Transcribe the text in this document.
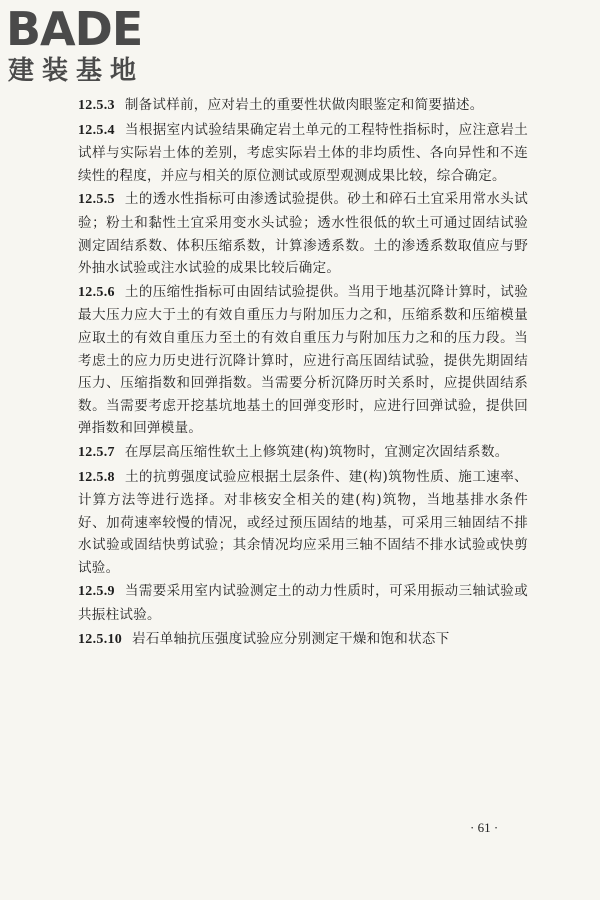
BADE
建装基地

12.5.3 制备试样前，应对岩土的重要性状做肉眼鉴定和简要描述。

12.5.4 当根据室内试验结果确定岩土单元的工程特性指标时，应注意岩土试样与实际岩土体的差别，考虑实际岩土体的非均质性、各向异性和不连续性的程度，并应与相关的原位测试或原型观测成果比较，综合确定。

12.5.5 土的透水性指标可由渗透试验提供。砂土和碎石土宜采用常水头试验；粉土和黏性土宜采用变水头试验；透水性很低的软土可通过固结试验测定固结系数、体积压缩系数，计算渗透系数。土的渗透系数取值应与野外抽水试验或注水试验的成果比较后确定。

12.5.6 土的压缩性指标可由固结试验提供。当用于地基沉降计算时，试验最大压力应大于土的有效自重压力与附加压力之和，压缩系数和压缩模量应取土的有效自重压力至土的有效自重压力与附加压力之和的压力段。当考虑土的应力历史进行沉降计算时，应进行高压固结试验，提供先期固结压力、压缩指数和回弹指数。当需要分析沉降历时关系时，应提供固结系数。当需要考虑开挖基坑地基土的回弹变形时，应进行回弹试验，提供回弹指数和回弹模量。

12.5.7 在厚层高压缩性软土上修筑建(构)筑物时，宜测定次固结系数。

12.5.8 土的抗剪强度试验应根据土层条件、建(构)筑物性质、施工速率、计算方法等进行选择。对非核安全相关的建(构)筑物，当地基排水条件好、加荷速率较慢的情况，或经过预压固结的地基，可采用三轴固结不排水试验或固结快剪试验；其余情况均应采用三轴不固结不排水试验或快剪试验。

12.5.9 当需要采用室内试验测定土的动力性质时，可采用振动三轴试验或共振柱试验。

12.5.10 岩石单轴抗压强度试验应分别测定干燥和饱和状态下

· 61 ·
